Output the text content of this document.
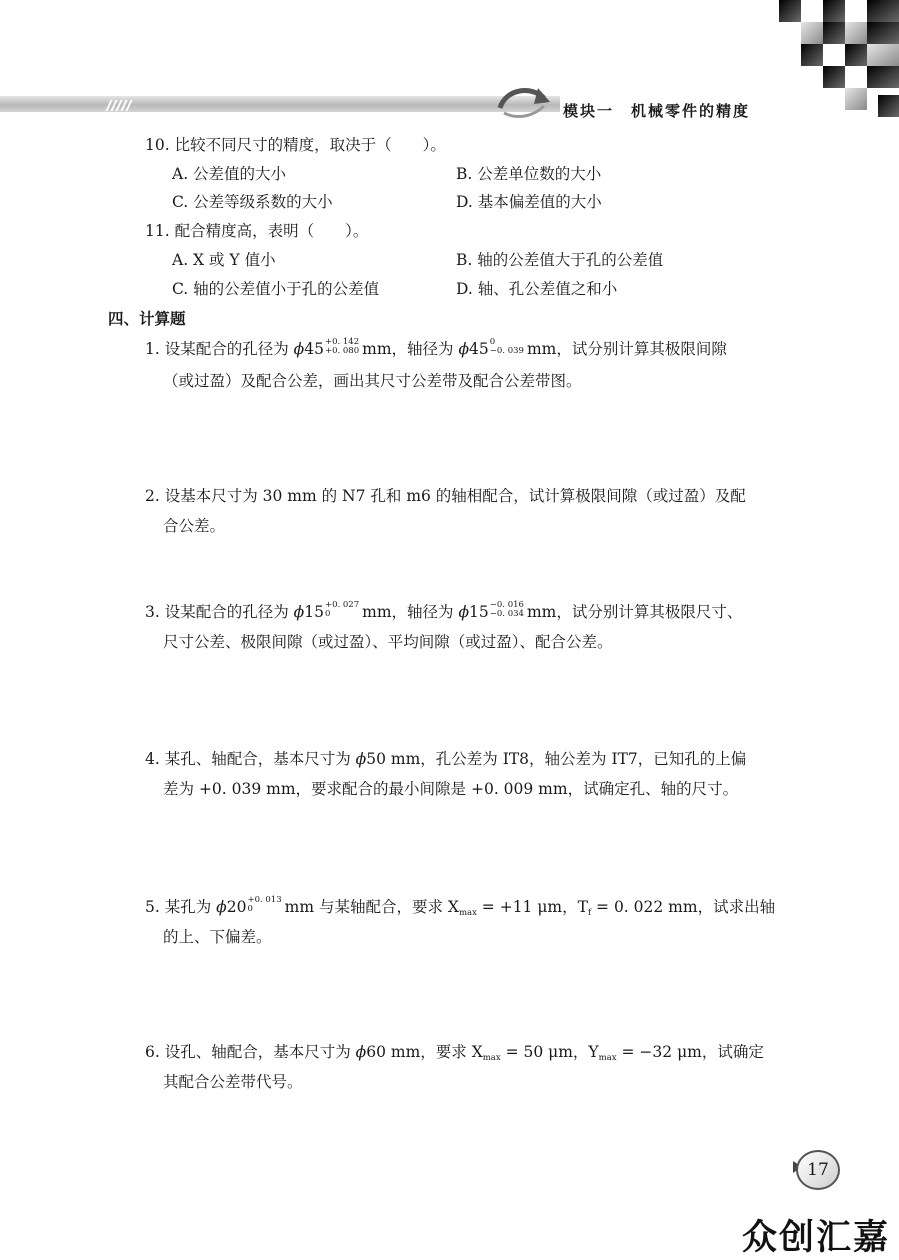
模块一　机械零件的精度
10. 比较不同尺寸的精度，取决于（　　）。
A. 公差值的大小	B. 公差单位数的大小
C. 公差等级系数的大小	D. 基本偏差值的大小
11. 配合精度高，表明（　　）。
A. X 或 Y 值小	B. 轴的公差值大于孔的公差值
C. 轴的公差值小于孔的公差值	D. 轴、孔公差值之和小
四、计算题
1. 设某配合的孔径为 ϕ45 +0. 142
+0. 080 mm，轴径为 ϕ45 0
−0. 039 mm，试分别计算其极限间隙
（或过盈）及配合公差，画出其尺寸公差带及配合公差带图。
2. 设基本尺寸为 30 mm 的 N7 孔和 m6 的轴相配合，试计算极限间隙（或过盈）及配
合公差。
3. 设某配合的孔径为 ϕ15 +0. 027
0	mm，轴径为 ϕ15 −0. 016
−0. 034 mm，试分别计算其极限尺寸、
尺寸公差、极限间隙（或过盈）、平均间隙（或过盈）、配合公差。
4. 某孔、轴配合，基本尺寸为 ϕ50 mm，孔公差为 IT8，轴公差为 IT7，已知孔的上偏
差为 +0. 039 mm，要求配合的最小间隙是 +0. 009 mm，试确定孔、轴的尺寸。
5. 某孔为 ϕ20 +0. 013
0	mm 与某轴配合，要求 $X_{max} = +11$ μm，$T_f = 0$. 022 mm，试求出轴
的上、下偏差。
6. 设孔、轴配合，基本尺寸为 ϕ60 mm，要求 $X_{max} = 50$ μm，$Y_{max} = -32$ μm，试确定
其配合公差带代号。
17
众创汇嘉
